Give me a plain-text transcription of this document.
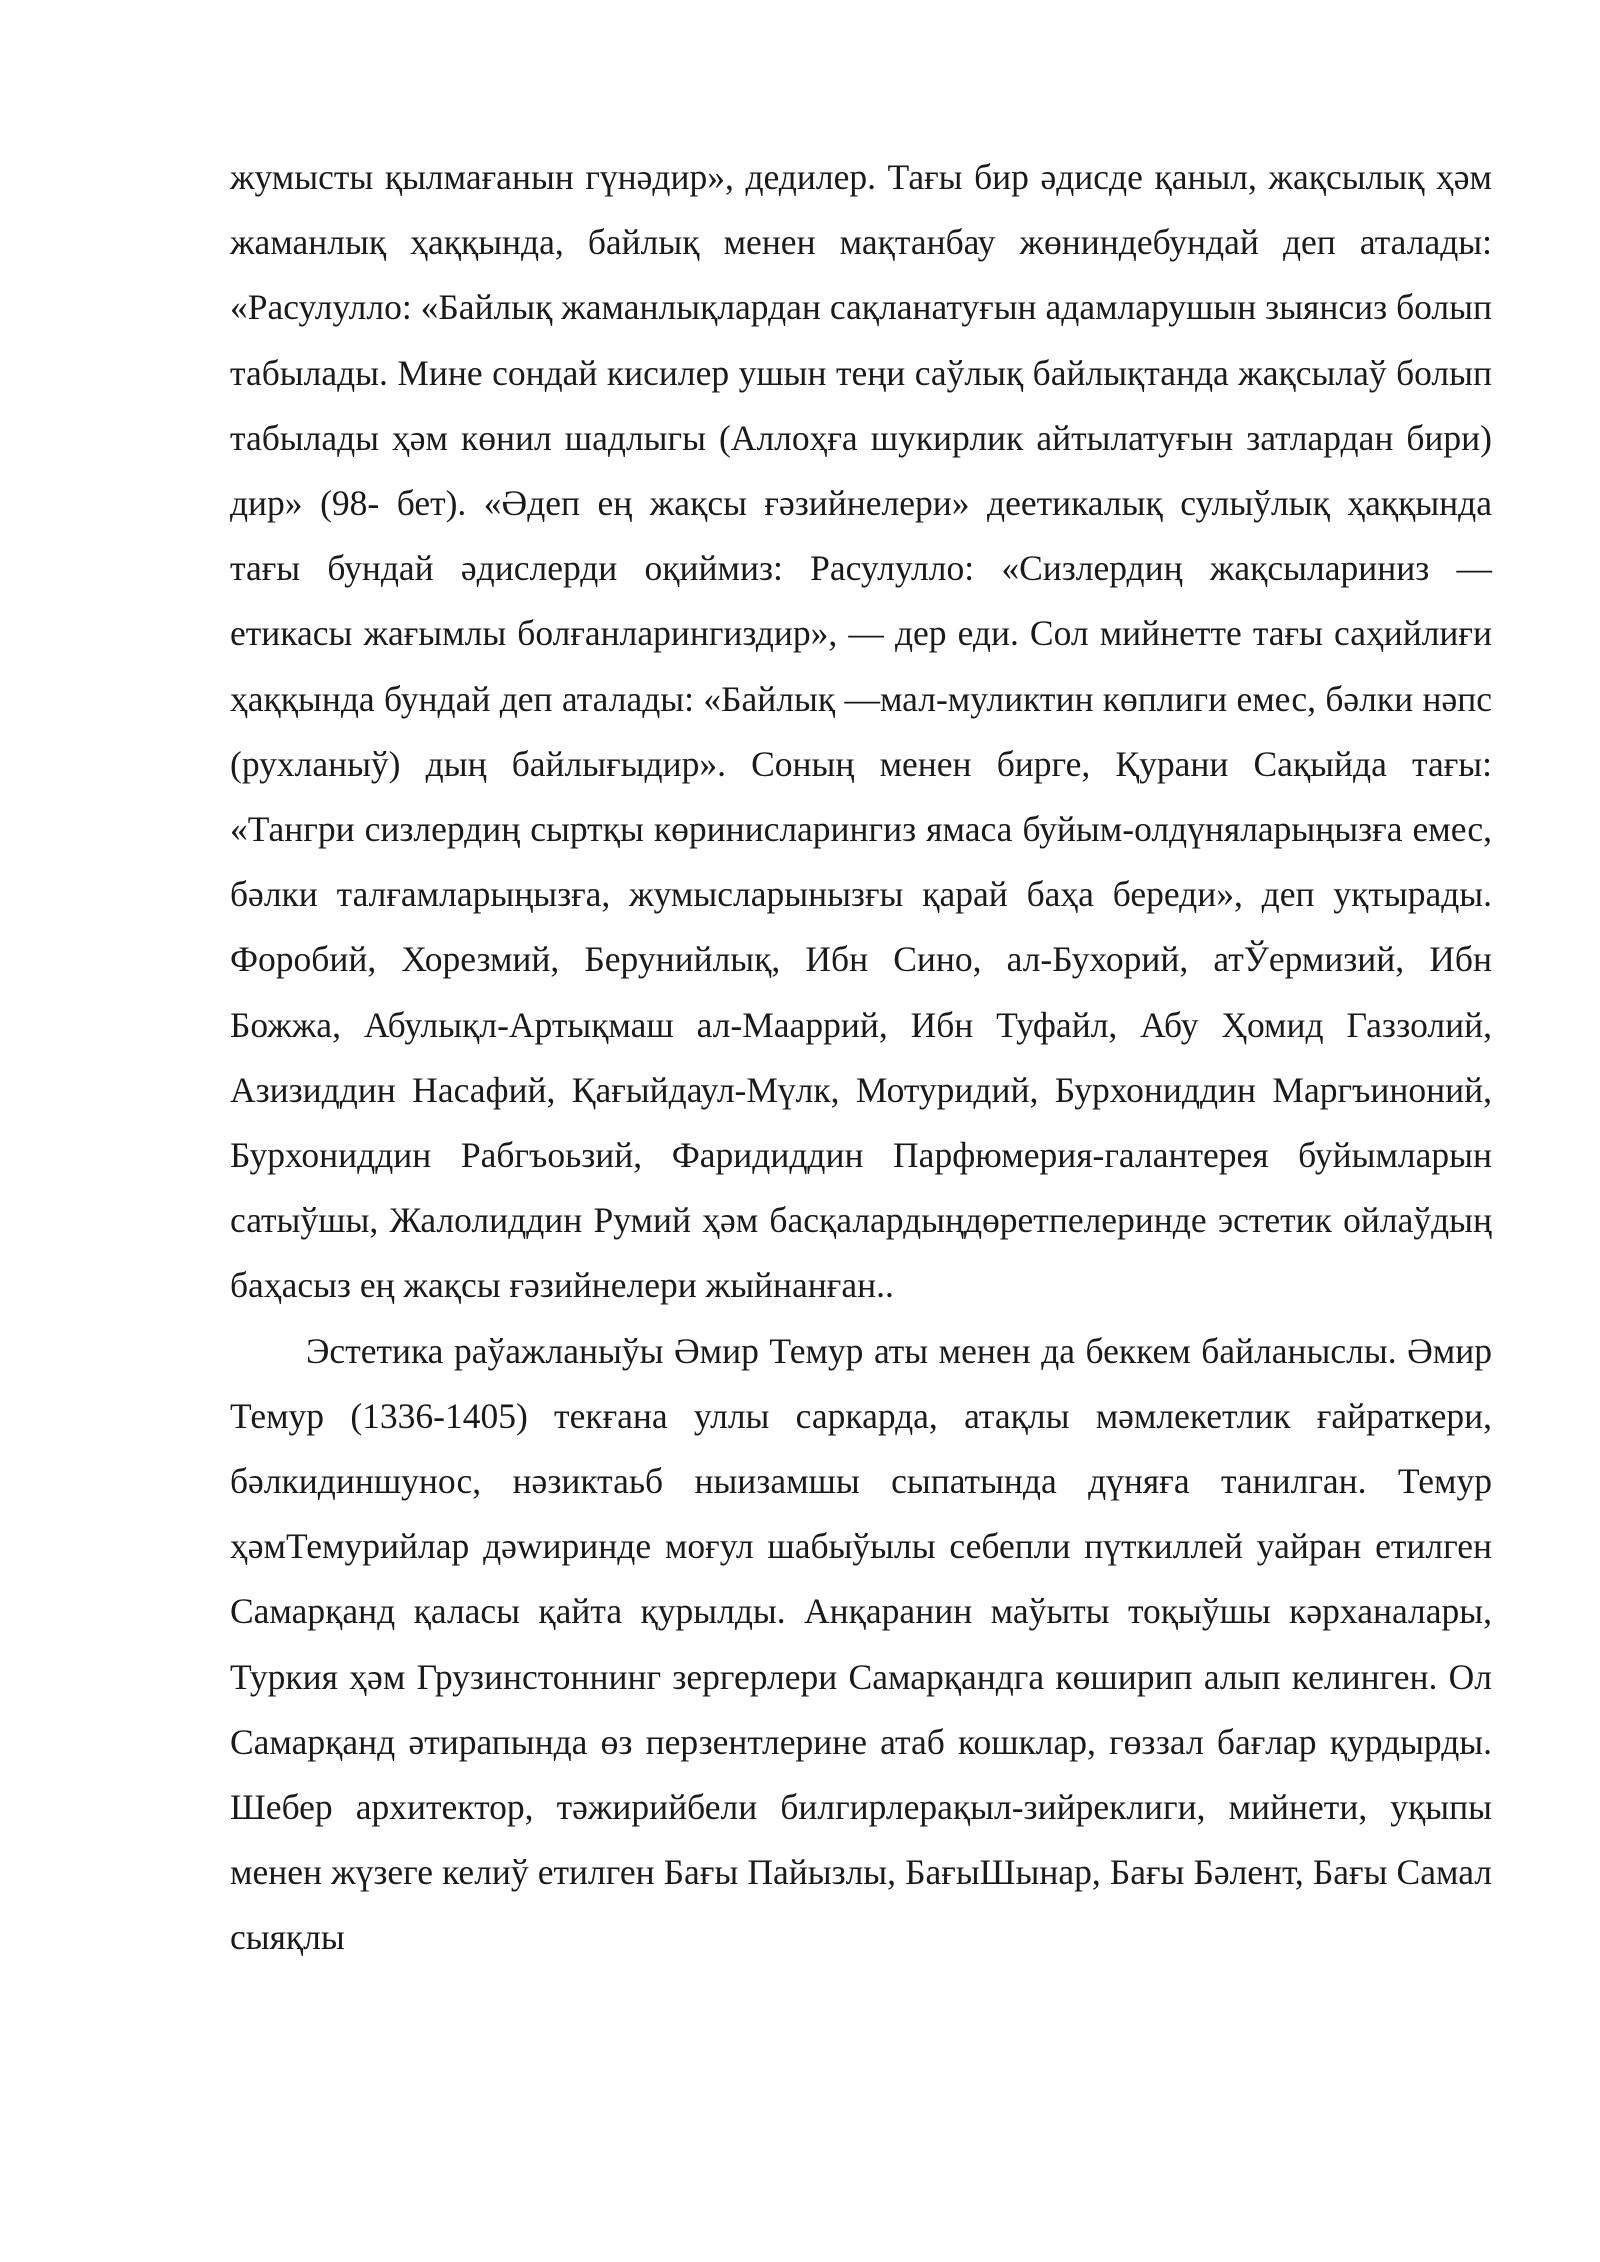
жумысты қылмағанын гүнәдир», дедилер. Тағы бир әдисде қаныл, жақсылық ҳәм жаманлық ҳаққында, байлық менен мақтанбау жөниндебундай деп аталады: «Расулулло: «Байлық жаманлықлардан сақланатуғын адамларушын зыянсиз болып табылады. Мине сондай кисилер ушын теңи саўлық байлықтанда жақсылаў болып табылады ҳәм көнил шадлыгы (Аллоҳға шукирлик айтылатуғын затлардан бири) дир» (98- бет). «Әдеп ең жақсы ғәзийнелери» деетикалық сулыўлық ҳаққында тағы бундай әдислерди оқиймиз: Расулулло: «Сизлердиң жақсылариниз — етикасы жағымлы болғанларингиздир», — дер еди. Сол мийнетте тағы саҳийлиғи ҳаққында бундай деп аталады: «Байлық —мал-муликтин көплиги емес, бәлки нәпс (рухланыў) дың байлығыдир». Соның менен бирге, Қурани Сақыйда тағы: «Тангри сизлердиң сыртқы көринисларингиз ямаса буйым-олдүняларыңызға емес, бәлки талғамларыңызға, жумысларынызғы қарай баҳа береди», деп уқтырады. Форобий, Хорезмий, Берунийлық, Ибн Сино, ал-Бухорий, атЎермизий, Ибн Божжа, Абулықл-Артықмаш ал-Мааррий, Ибн Туфайл, Абу Ҳомид Газзолий, Азизиддин Насафий, Қағыйдаул-Мүлк, Мотуридий, Бурхониддин Маргъиноний, Бурхониддин Рабгъоьзий, Фаридиддин Парфюмерия-галантерея буйымларын сатыўшы, Жалолиддин Румий ҳәм басқалардыңдөретпелеринде эстетик ойлаўдың баҳасыз ең жақсы ғәзийнелери жыйнанған..

Эстетика раўажланыўы Әмир Темур аты менен да беккем байланыслы. Әмир Темур (1336-1405) текғана уллы саркарда, атақлы мәмлекетлик ғайраткери, бәлкидиншунос, нәзиктаьб ныизамшы сыпатында дүняға танилган. Темур ҳәмТемурийлар дәwиринде моғул шабыўылы себепли пүткиллей уайран етилген Самарқанд қаласы қайта қурылды. Анқаранин маўыты тоқыўшы кәрханалары, Туркия ҳәм Грузинстоннинг зергерлери Самарқандга көширип алып келинген. Ол Самарқанд әтирапында өз перзентлерине атаб кошклар, гөззал бағлар қурдырды. Шебер архитектор, тәжирийбели билгирлерақыл-зийреклиги, мийнети, уқыпы менен жүзеге келиў етилген Бағы Пайызлы, БағыШынар, Бағы Бәлент, Бағы Самал сыяқлы
